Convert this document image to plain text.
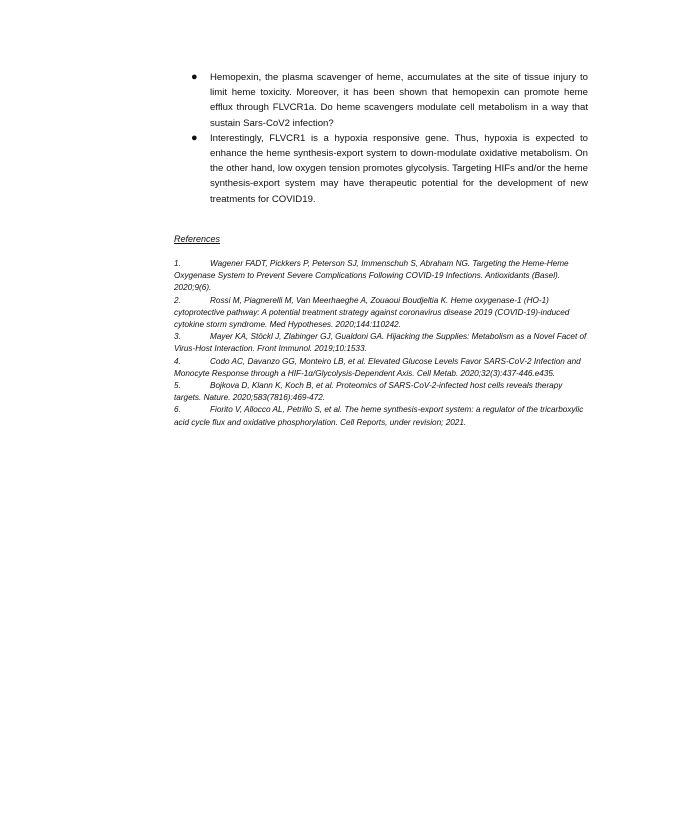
● Hemopexin, the plasma scavenger of heme, accumulates at the site of tissue injury to limit heme toxicity. Moreover, it has been shown that hemopexin can promote heme efflux through FLVCR1a. Do heme scavengers modulate cell metabolism in a way that sustain Sars-CoV2 infection?
● Interestingly, FLVCR1 is a hypoxia responsive gene. Thus, hypoxia is expected to enhance the heme synthesis-export system to down-modulate oxidative metabolism. On the other hand, low oxygen tension promotes glycolysis. Targeting HIFs and/or the heme synthesis-export system may have therapeutic potential for the development of new treatments for COVID19.

References

1.	Wagener FADT, Pickkers P, Peterson SJ, Immenschuh S, Abraham NG. Targeting the Heme-Heme Oxygenase System to Prevent Severe Complications Following COVID-19 Infections. Antioxidants (Basel). 2020;9(6).
2.	Rossi M, Piagnerelli M, Van Meerhaeghe A, Zouaoui Boudjeltia K. Heme oxygenase-1 (HO-1) cytoprotective pathway: A potential treatment strategy against coronavirus disease 2019 (COVID-19)-induced cytokine storm syndrome. Med Hypotheses. 2020;144:110242.
3.	Mayer KA, Stöckl J, Zlabinger GJ, Gualdoni GA. Hijacking the Supplies: Metabolism as a Novel Facet of Virus-Host Interaction. Front Immunol. 2019;10:1533.
4.	Codo AC, Davanzo GG, Monteiro LB, et al. Elevated Glucose Levels Favor SARS-CoV-2 Infection and Monocyte Response through a HIF-1α/Glycolysis-Dependent Axis. Cell Metab. 2020;32(3):437-446.e435.
5.	Bojkova D, Klann K, Koch B, et al. Proteomics of SARS-CoV-2-infected host cells reveals therapy targets. Nature. 2020;583(7816):469-472.
6.	Fiorito V, Allocco AL, Petrillo S, et al. The heme synthesis-export system: a regulator of the tricarboxylic acid cycle flux and oxidative phosphorylation. Cell Reports, under revision; 2021.
